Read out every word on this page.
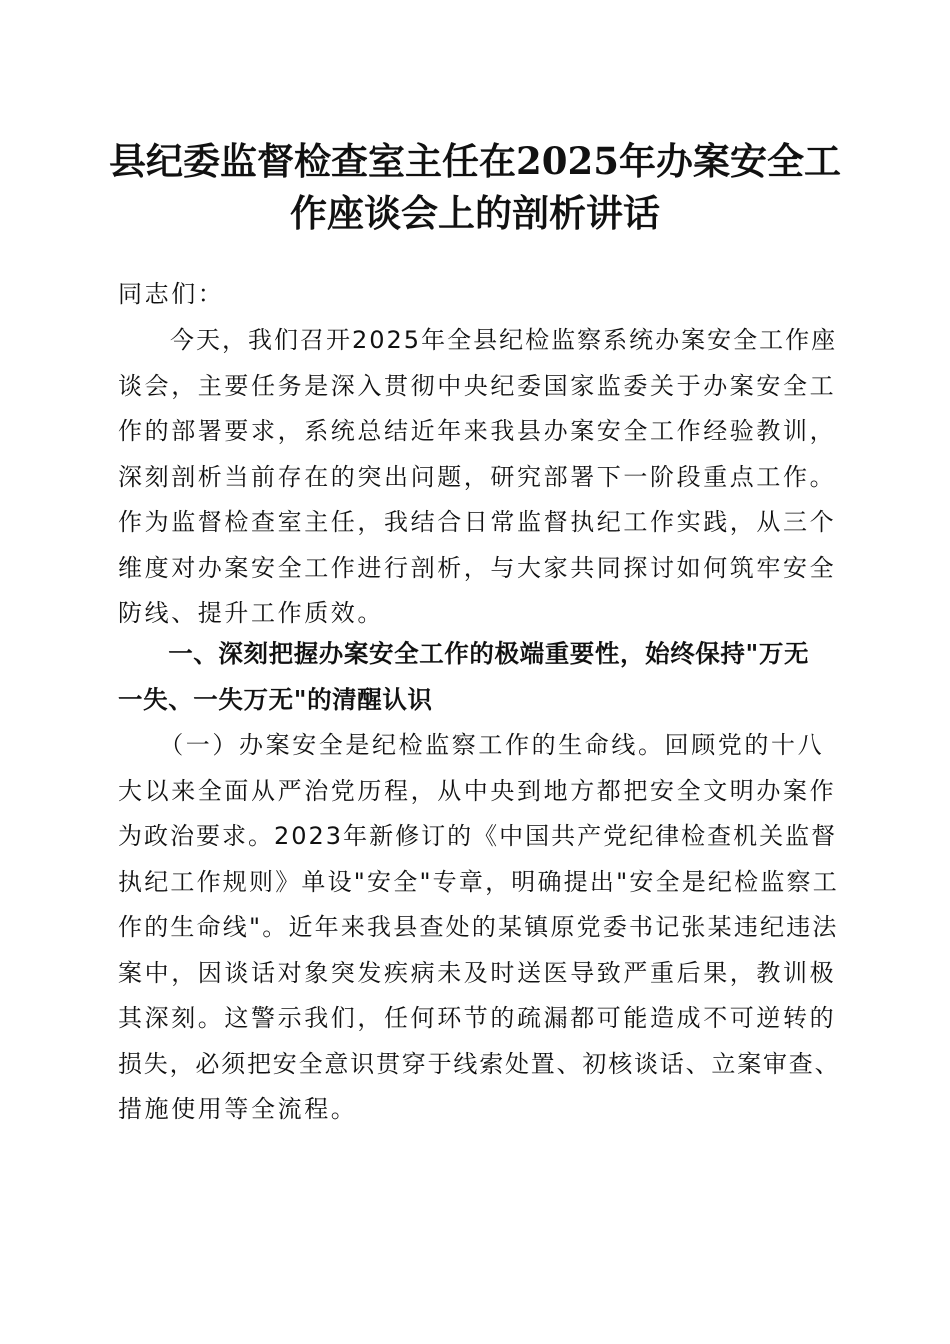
县纪委监督检查室主任在2025年办案安全工
作座谈会上的剖析讲话
同志们：
　　今天，我们召开2025年全县纪检监察系统办案安全工作座
谈会，主要任务是深入贯彻中央纪委国家监委关于办案安全工
作的部署要求，系统总结近年来我县办案安全工作经验教训，
深刻剖析当前存在的突出问题，研究部署下一阶段重点工作。
作为监督检查室主任，我结合日常监督执纪工作实践，从三个
维度对办案安全工作进行剖析，与大家共同探讨如何筑牢安全
防线、提升工作质效。
　　一、深刻把握办案安全工作的极端重要性，始终保持"万无
一失、一失万无"的清醒认识
　　（一）办案安全是纪检监察工作的生命线。回顾党的十八
大以来全面从严治党历程，从中央到地方都把安全文明办案作
为政治要求。2023年新修订的《中国共产党纪律检查机关监督
执纪工作规则》单设"安全"专章，明确提出"安全是纪检监察工
作的生命线"。近年来我县查处的某镇原党委书记张某违纪违法
案中，因谈话对象突发疾病未及时送医导致严重后果，教训极
其深刻。这警示我们，任何环节的疏漏都可能造成不可逆转的
损失，必须把安全意识贯穿于线索处置、初核谈话、立案审查、
措施使用等全流程。
